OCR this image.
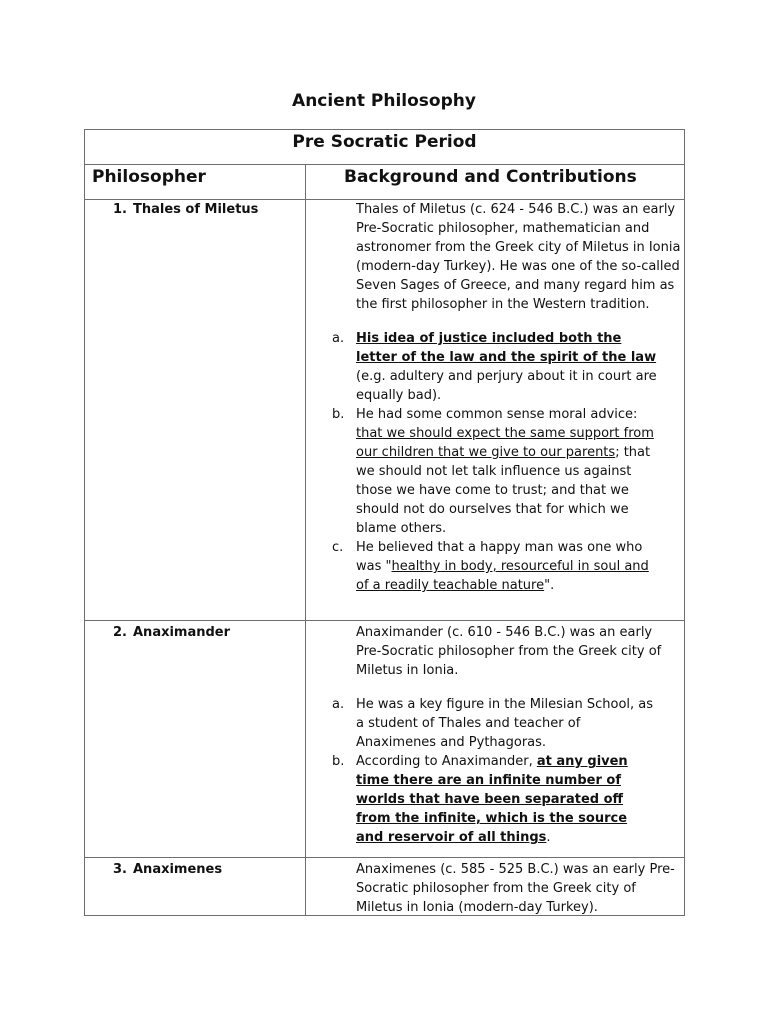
Ancient Philosophy
Pre Socratic Period
Philosopher	Background and Contributions
1. Thales of Miletus	Thales of Miletus (c. 624 - 546 B.C.) was an early Pre-Socratic philosopher, mathematician and astronomer from the Greek city of Miletus in Ionia (modern-day Turkey). He was one of the so-called Seven Sages of Greece, and many regard him as the first philosopher in the Western tradition.

a. His idea of justice included both the letter of the law and the spirit of the law (e.g. adultery and perjury about it in court are equally bad).
b. He had some common sense moral advice: that we should expect the same support from our children that we give to our parents; that we should not let talk influence us against those we have come to trust; and that we should not do ourselves that for which we blame others.
c. He believed that a happy man was one who was "healthy in body, resourceful in soul and of a readily teachable nature".
2. Anaximander	Anaximander (c. 610 - 546 B.C.) was an early Pre-Socratic philosopher from the Greek city of Miletus in Ionia.

a. He was a key figure in the Milesian School, as a student of Thales and teacher of Anaximenes and Pythagoras.
b. According to Anaximander, at any given time there are an infinite number of worlds that have been separated off from the infinite, which is the source and reservoir of all things.
3. Anaximenes	Anaximenes (c. 585 - 525 B.C.) was an early Pre-Socratic philosopher from the Greek city of Miletus in Ionia (modern-day Turkey).
